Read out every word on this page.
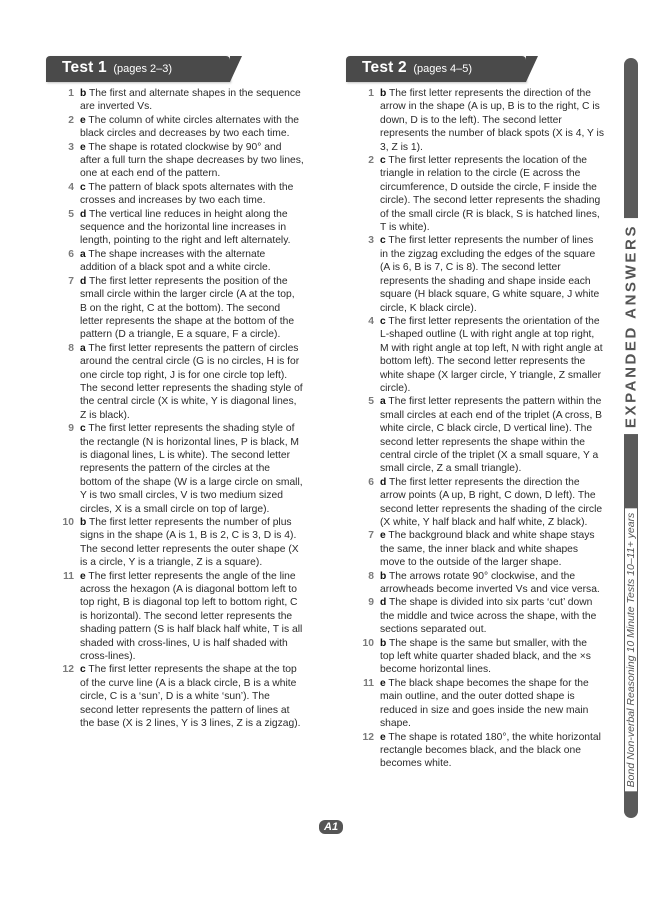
Test 1 (pages 2–3)
1 b The first and alternate shapes in the sequence are inverted Vs.
2 e The column of white circles alternates with the black circles and decreases by two each time.
3 e The shape is rotated clockwise by 90° and after a full turn the shape decreases by two lines, one at each end of the pattern.
4 c The pattern of black spots alternates with the crosses and increases by two each time.
5 d The vertical line reduces in height along the sequence and the horizontal line increases in length, pointing to the right and left alternately.
6 a The shape increases with the alternate addition of a black spot and a white circle.
7 d The first letter represents the position of the small circle within the larger circle (A at the top, B on the right, C at the bottom). The second letter represents the shape at the bottom of the pattern (D a triangle, E a square, F a circle).
8 a The first letter represents the pattern of circles around the central circle (G is no circles, H is for one circle top right, J is for one circle top left). The second letter represents the shading style of the central circle (X is white, Y is diagonal lines, Z is black).
9 c The first letter represents the shading style of the rectangle (N is horizontal lines, P is black, M is diagonal lines, L is white). The second letter represents the pattern of the circles at the bottom of the shape (W is a large circle on small, Y is two small circles, V is two medium sized circles, X is a small circle on top of large).
10 b The first letter represents the number of plus signs in the shape (A is 1, B is 2, C is 3, D is 4). The second letter represents the outer shape (X is a circle, Y is a triangle, Z is a square).
11 e The first letter represents the angle of the line across the hexagon (A is diagonal bottom left to top right, B is diagonal top left to bottom right, C is horizontal). The second letter represents the shading pattern (S is half black half white, T is all shaded with cross-lines, U is half shaded with cross-lines).
12 c The first letter represents the shape at the top of the curve line (A is a black circle, B is a white circle, C is a ‘sun’, D is a white ‘sun’). The second letter represents the pattern of lines at the base (X is 2 lines, Y is 3 lines, Z is a zigzag).
Test 2 (pages 4–5)
1 b The first letter represents the direction of the arrow in the shape (A is up, B is to the right, C is down, D is to the left). The second letter represents the number of black spots (X is 4, Y is 3, Z is 1).
2 c The first letter represents the location of the triangle in relation to the circle (E across the circumference, D outside the circle, F inside the circle). The second letter represents the shading of the small circle (R is black, S is hatched lines, T is white).
3 c The first letter represents the number of lines in the zigzag excluding the edges of the square (A is 6, B is 7, C is 8). The second letter represents the shading and shape inside each square (H black square, G white square, J white circle, K black circle).
4 c The first letter represents the orientation of the L-shaped outline (L with right angle at top right, M with right angle at top left, N with right angle at bottom left). The second letter represents the white shape (X larger circle, Y triangle, Z smaller circle).
5 a The first letter represents the pattern within the small circles at each end of the triplet (A cross, B white circle, C black circle, D vertical line). The second letter represents the shape within the central circle of the triplet (X a small square, Y a small circle, Z a small triangle).
6 d The first letter represents the direction the arrow points (A up, B right, C down, D left). The second letter represents the shading of the circle (X white, Y half black and half white, Z black).
7 e The background black and white shape stays the same, the inner black and white shapes move to the outside of the larger shape.
8 b The arrows rotate 90° clockwise, and the arrowheads become inverted Vs and vice versa.
9 d The shape is divided into six parts ‘cut’ down the middle and twice across the shape, with the sections separated out.
10 b The shape is the same but smaller, with the top left white quarter shaded black, and the ×s become horizontal lines.
11 e The black shape becomes the shape for the main outline, and the outer dotted shape is reduced in size and goes inside the new main shape.
12 e The shape is rotated 180°, the white horizontal rectangle becomes black, and the black one becomes white.
EXPANDED ANSWERS
Bond Non-verbal Reasoning 10 Minute Tests 10–11+ years
A1
